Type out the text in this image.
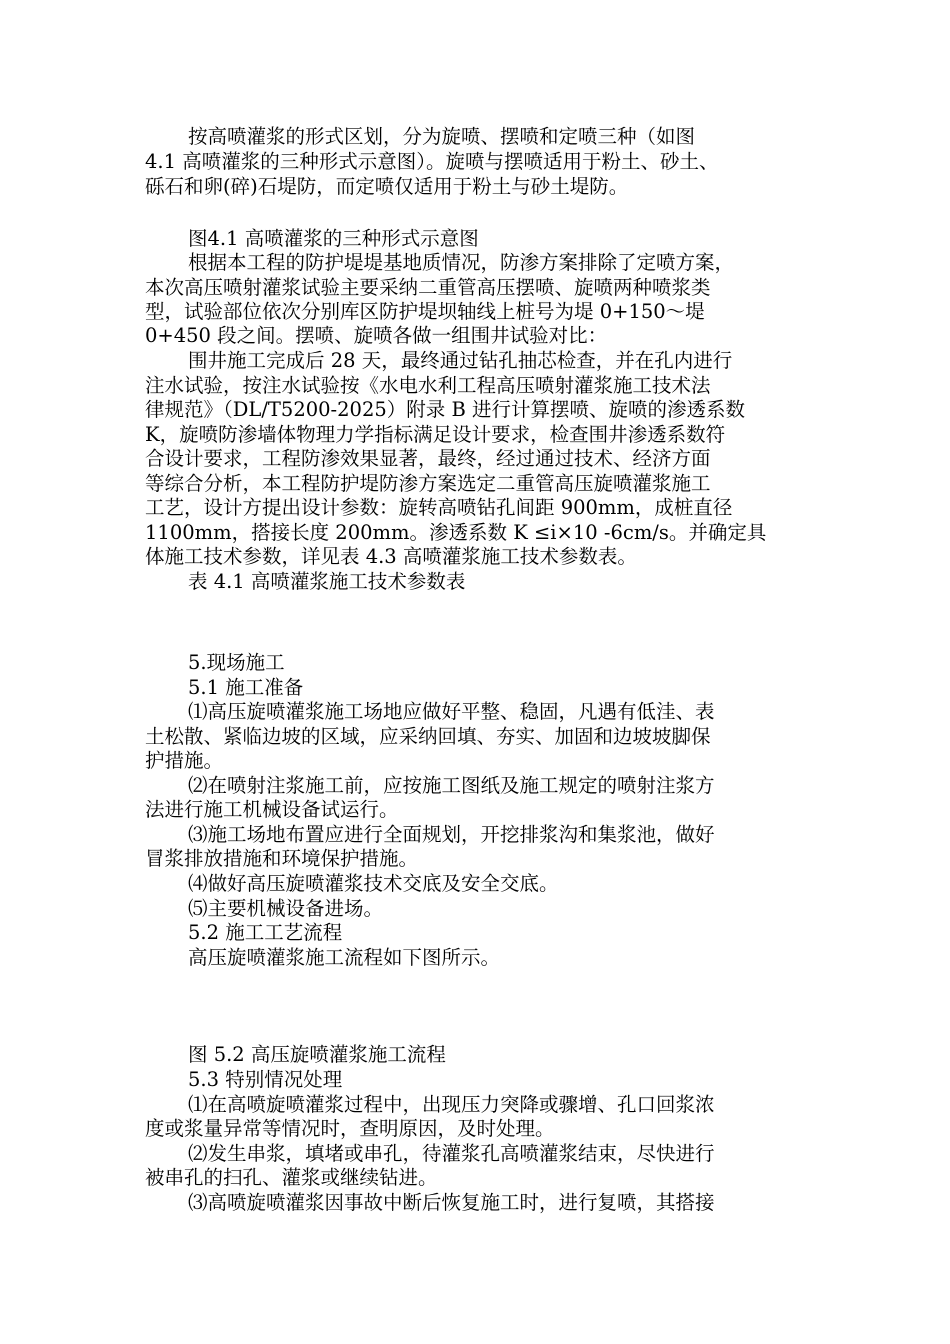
按高喷灌浆的形式区划，分为旋喷、摆喷和定喷三种（如图
4.1 高喷灌浆的三种形式示意图）。旋喷与摆喷适用于粉土、砂土、
砾石和卵(碎)石堤防，而定喷仅适用于粉土与砂土堤防。
图4.1 高喷灌浆的三种形式示意图
根据本工程的防护堤堤基地质情况，防渗方案排除了定喷方案，
本次高压喷射灌浆试验主要采纳二重管高压摆喷、旋喷两种喷浆类
型，试验部位依次分别库区防护堤坝轴线上桩号为堤 0+150～堤
0+450 段之间。摆喷、旋喷各做一组围井试验对比：
围井施工完成后 28 天，最终通过钻孔抽芯检查，并在孔内进行
注水试验，按注水试验按《水电水利工程高压喷射灌浆施工技术法
律规范》（DL/T5200-2025）附录 B 进行计算摆喷、旋喷的渗透系数
K，旋喷防渗墙体物理力学指标满足设计要求，检查围井渗透系数符
合设计要求，工程防渗效果显著，最终，经过通过技术、经济方面
等综合分析，本工程防护堤防渗方案选定二重管高压旋喷灌浆施工
工艺，设计方提出设计参数：旋转高喷钻孔间距 900mm，成桩直径
1100mm，搭接长度 200mm。渗透系数 K ≤i×10 -6cm/s。并确定具
体施工技术参数，详见表 4.3 高喷灌浆施工技术参数表。
表 4.1 高喷灌浆施工技术参数表
5.现场施工
5.1 施工准备
⑴高压旋喷灌浆施工场地应做好平整、稳固，凡遇有低洼、表
土松散、紧临边坡的区域，应采纳回填、夯实、加固和边坡坡脚保
护措施。
⑵在喷射注浆施工前，应按施工图纸及施工规定的喷射注浆方
法进行施工机械设备试运行。
⑶施工场地布置应进行全面规划，开挖排浆沟和集浆池，做好
冒浆排放措施和环境保护措施。
⑷做好高压旋喷灌浆技术交底及安全交底。
⑸主要机械设备进场。
5.2 施工工艺流程
高压旋喷灌浆施工流程如下图所示。
图 5.2 高压旋喷灌浆施工流程
5.3 特别情况处理
⑴在高喷旋喷灌浆过程中，出现压力突降或骤增、孔口回浆浓
度或浆量异常等情况时，查明原因，及时处理。
⑵发生串浆，填堵或串孔，待灌浆孔高喷灌浆结束，尽快进行
被串孔的扫孔、灌浆或继续钻进。
⑶高喷旋喷灌浆因事故中断后恢复施工时，进行复喷，其搭接
